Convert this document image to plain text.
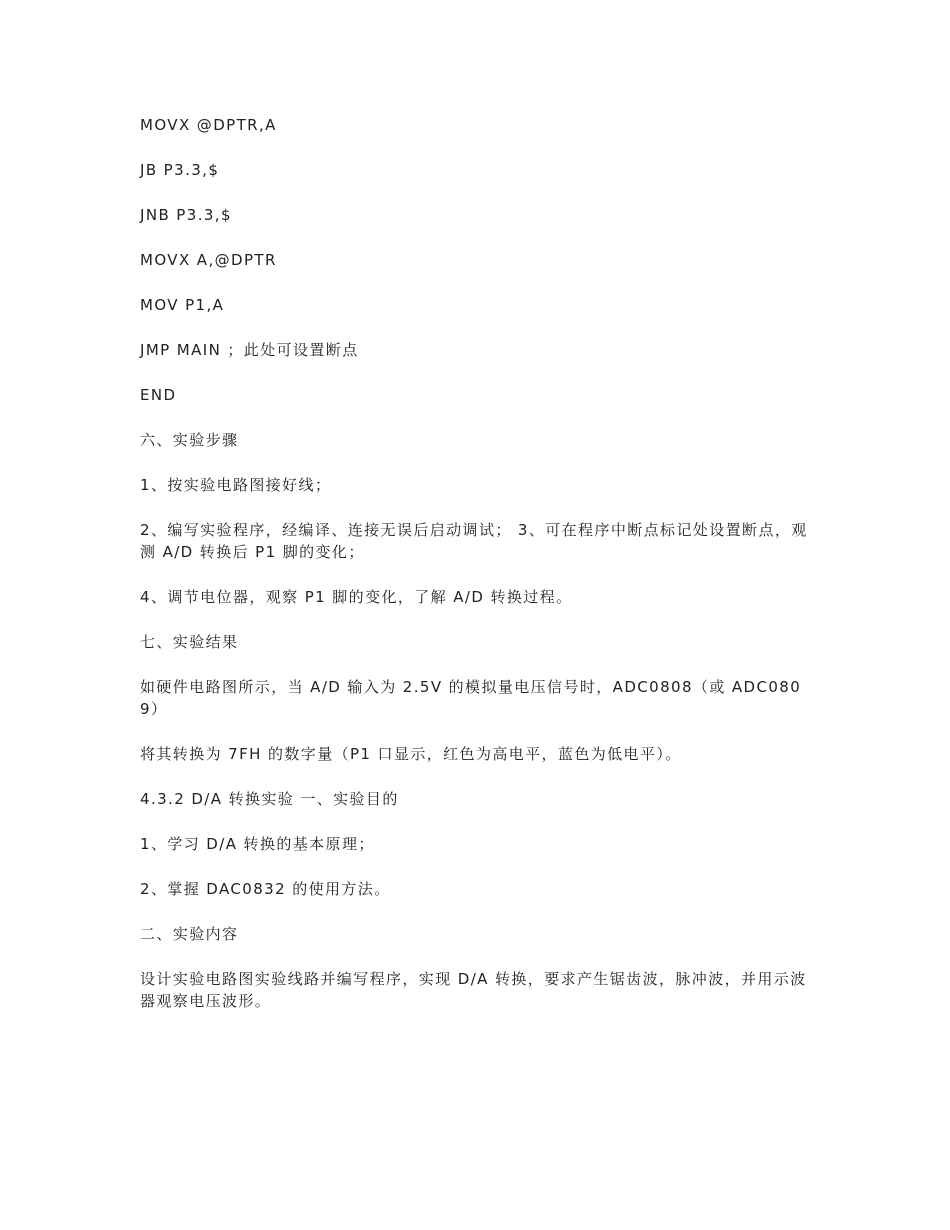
MOVX @DPTR,A

JB P3.3,$

JNB P3.3,$

MOVX A,@DPTR

MOV P1,A

JMP MAIN ；此处可设置断点

END

六、实验步骤

1、按实验电路图接好线；

2、编写实验程序，经编译、连接无误后启动调试； 3、可在程序中断点标记处设置断点，观测 A/D 转换后 P1 脚的变化；

4、调节电位器，观察 P1 脚的变化，了解 A/D 转换过程。

七、实验结果

如硬件电路图所示，当 A/D 输入为 2.5V 的模拟量电压信号时，ADC0808（或 ADC0809）

将其转换为 7FH 的数字量（P1 口显示，红色为高电平，蓝色为低电平）。

4.3.2 D/A 转换实验 一、实验目的

1、学习 D/A 转换的基本原理；

2、掌握 DAC0832 的使用方法。

二、实验内容

设计实验电路图实验线路并编写程序，实现 D/A 转换，要求产生锯齿波，脉冲波，并用示波器观察电压波形。
